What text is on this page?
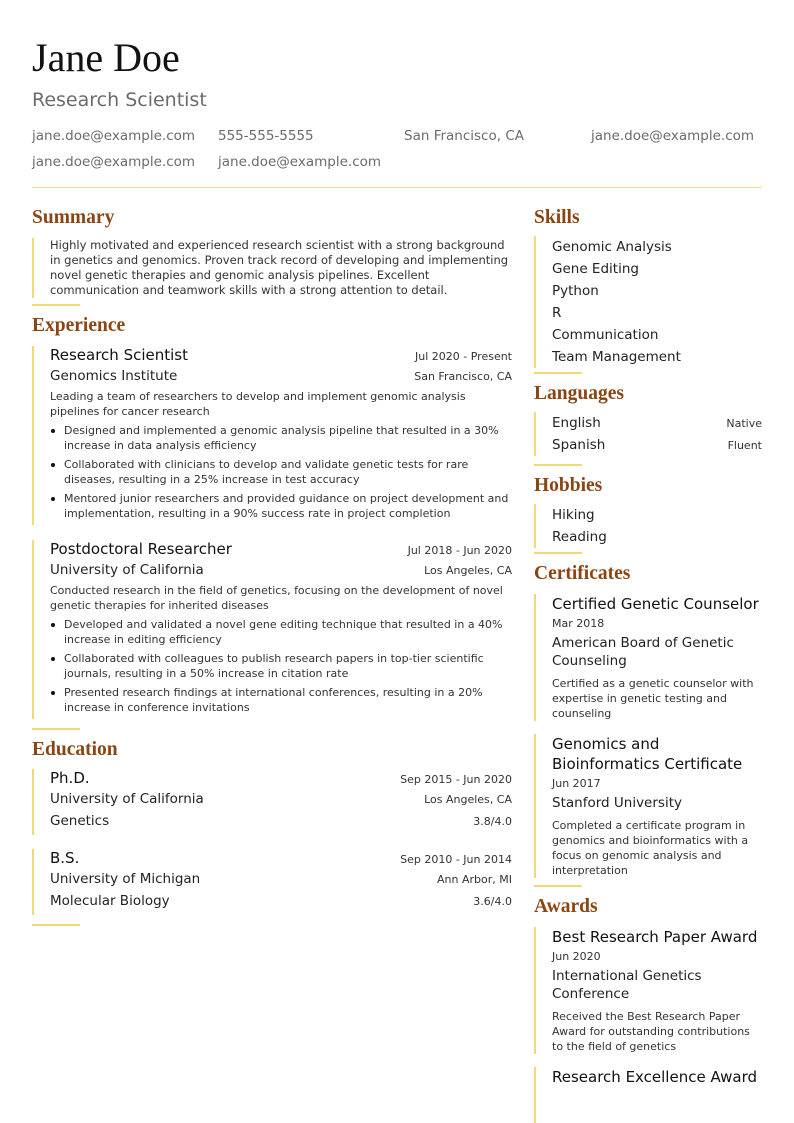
Jane Doe
Research Scientist
jane.doe@example.com 555-555-5555	San Francisco, CA	jane.doe@example.com
jane.doe@example.com jane.doe@example.com
Summary
Highly motivated and experienced research scientist with a strong background in genetics and genomics. Proven track record of developing and implementing novel genetic therapies and genomic analysis pipelines. Excellent communication and teamwork skills with a strong attention to detail.
Experience
Research Scientist	Jul 2020 - Present
Genomics Institute	San Francisco, CA
Leading a team of researchers to develop and implement genomic analysis pipelines for cancer research
Designed and implemented a genomic analysis pipeline that resulted in a 30% increase in data analysis efficiency
Collaborated with clinicians to develop and validate genetic tests for rare diseases, resulting in a 25% increase in test accuracy
Mentored junior researchers and provided guidance on project development and implementation, resulting in a 90% success rate in project completion
Postdoctoral Researcher	Jul 2018 - Jun 2020
University of California	Los Angeles, CA
Conducted research in the field of genetics, focusing on the development of novel genetic therapies for inherited diseases
Developed and validated a novel gene editing technique that resulted in a 40% increase in editing efficiency
Collaborated with colleagues to publish research papers in top-tier scientific journals, resulting in a 50% increase in citation rate
Presented research findings at international conferences, resulting in a 20% increase in conference invitations
Education
Ph.D.	Sep 2015 - Jun 2020
University of California	Los Angeles, CA
Genetics	3.8/4.0
B.S.	Sep 2010 - Jun 2014
University of Michigan	Ann Arbor, MI
Molecular Biology	3.6/4.0
Skills
Genomic Analysis
Gene Editing
Python
R
Communication
Team Management
Languages
English	Native
Spanish	Fluent
Hobbies
Hiking
Reading
Certificates
Certified Genetic Counselor
Mar 2018
American Board of Genetic Counseling
Certified as a genetic counselor with expertise in genetic testing and counseling
Genomics and Bioinformatics Certificate
Jun 2017
Stanford University
Completed a certificate program in genomics and bioinformatics with a focus on genomic analysis and interpretation
Awards
Best Research Paper Award
Jun 2020
International Genetics Conference
Received the Best Research Paper Award for outstanding contributions to the field of genetics
Research Excellence Award
